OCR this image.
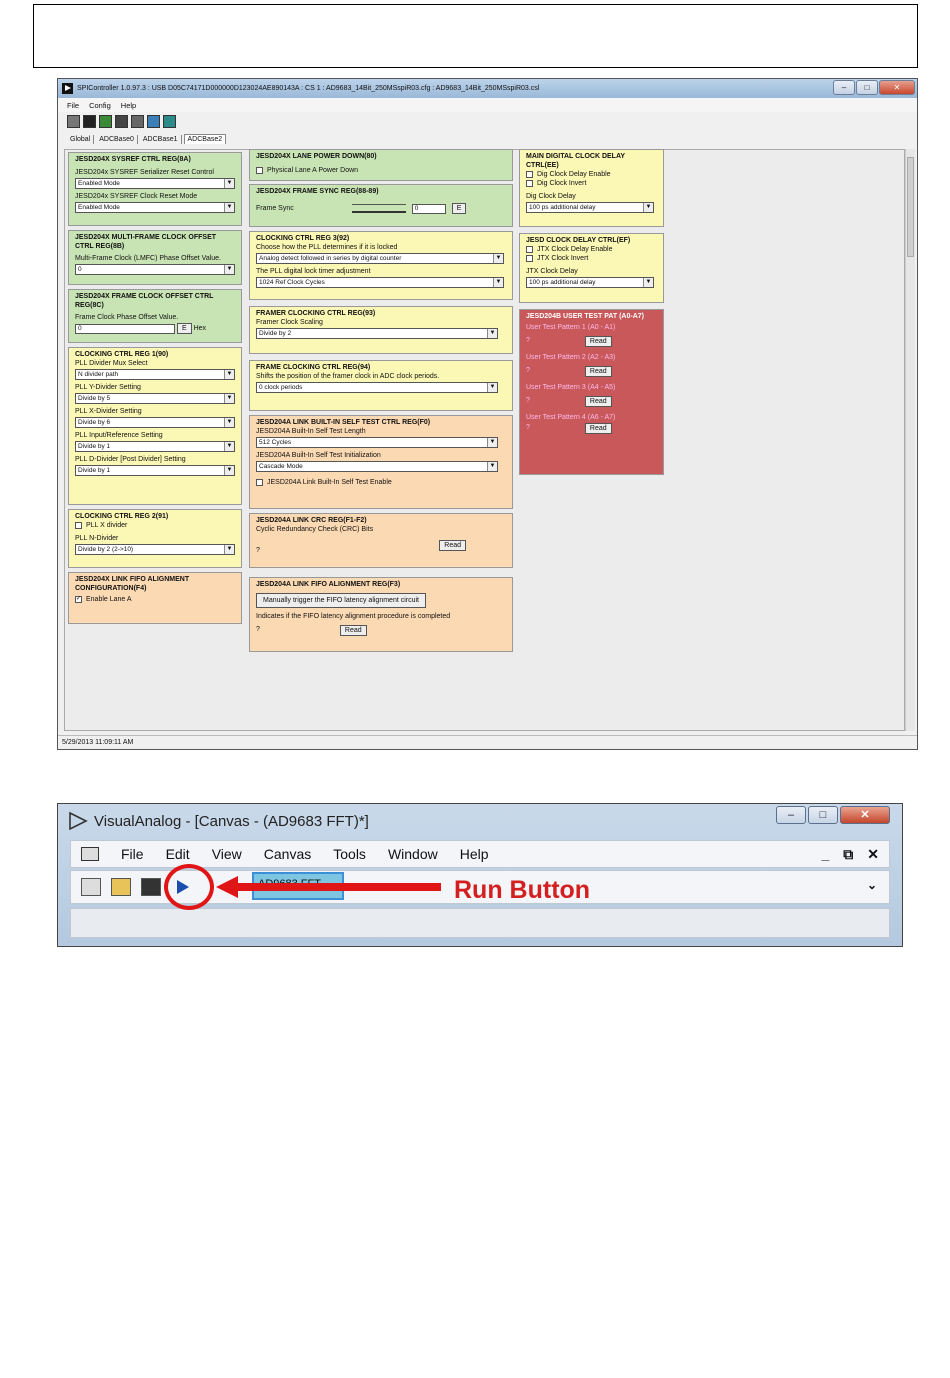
SPIController 1.0.97.3 : USB D05C74171D000000D123024AE890143A : CS 1 : AD9683_14Bit_250MSspiR03.cfg : AD9683_14Bit_250MSspiR03.csl	–	□	✕
File Config Help
Global	ADCBase0	ADCBase1	ADCBase2
JESD204X SYSREF CTRL REG(8A)
JESD204x SYSREF Serializer Reset Control
Enabled Mode ▼
JESD204x SYSREF Clock Reset Mode
Enabled Mode ▼
JESD204X MULTI-FRAME CLOCK OFFSET CTRL REG(8B)
Multi-Frame Clock (LMFC) Phase Offset Value.
0 ▼
JESD204X FRAME CLOCK OFFSET CTRL REG(8C)
Frame Clock Phase Offset Value.
0	E Hex
CLOCKING CTRL REG 1(90)
PLL Divider Mux Select
N divider path ▼
PLL Y-Divider Setting
Divide by 5 ▼
PLL X-Divider Setting
Divide by 6 ▼
PLL Input/Reference Setting
Divide by 1 ▼
PLL D-Divider [Post Divider] Setting
Divide by 1 ▼
CLOCKING CTRL REG 2(91)
PLL X divider
PLL N-Divider
Divide by 2 (2->10) ▼
JESD204X LINK FIFO ALIGNMENT CONFIGURATION(F4)
✓ Enable Lane A
JESD204X LANE POWER DOWN(80)
Physical Lane A Power Down
JESD204X FRAME SYNC REG(88-89)
Frame Sync	0	E
CLOCKING CTRL REG 3(92)
Choose how the PLL determines if it is locked
Analog detect followed in series by digital counter ▼
The PLL digital lock timer adjustment
1024 Ref Clock Cycles ▼
FRAMER CLOCKING CTRL REG(93)
Framer Clock Scaling
Divide by 2 ▼
FRAME CLOCKING CTRL REG(94)
Shifts the position of the framer clock in ADC clock periods.
0 clock periods ▼
JESD204A LINK BUILT-IN SELF TEST CTRL REG(F0)
JESD204A Built-In Self Test Length
512 Cycles ▼
JESD204A Built-In Self Test Initialization
Cascade Mode ▼
JESD204A Link Built-In Self Test Enable
JESD204A LINK CRC REG(F1-F2)
Cyclic Redundancy Check (CRC) Bits
?
Read
JESD204A LINK FIFO ALIGNMENT REG(F3)
Manually trigger the FIFO latency alignment circuit
Indicates if the FIFO latency alignment procedure is completed
?	Read
MAIN DIGITAL CLOCK DELAY CTRL(EE)
Dig Clock Delay Enable
Dig Clock Invert
Dig Clock Delay
100 ps additional delay ▼
JESD CLOCK DELAY CTRL(EF)
JTX Clock Delay Enable
JTX Clock Invert
JTX Clock Delay
100 ps additional delay ▼
JESD204B USER TEST PAT (A0-A7)
User Test Pattern 1 (A0 - A1)
?	Read
User Test Pattern 2 (A2 - A3)
?	Read
User Test Pattern 3 (A4 - A5)
?	Read
User Test Pattern 4 (A6 - A7)
?	Read
5/29/2013 11:09:11 AM
VisualAnalog - [Canvas - (AD9683 FFT)*]	–	□	✕
File Edit View Canvas Tools Window Help	_ ⧉ ✕
⌄
Run Button
